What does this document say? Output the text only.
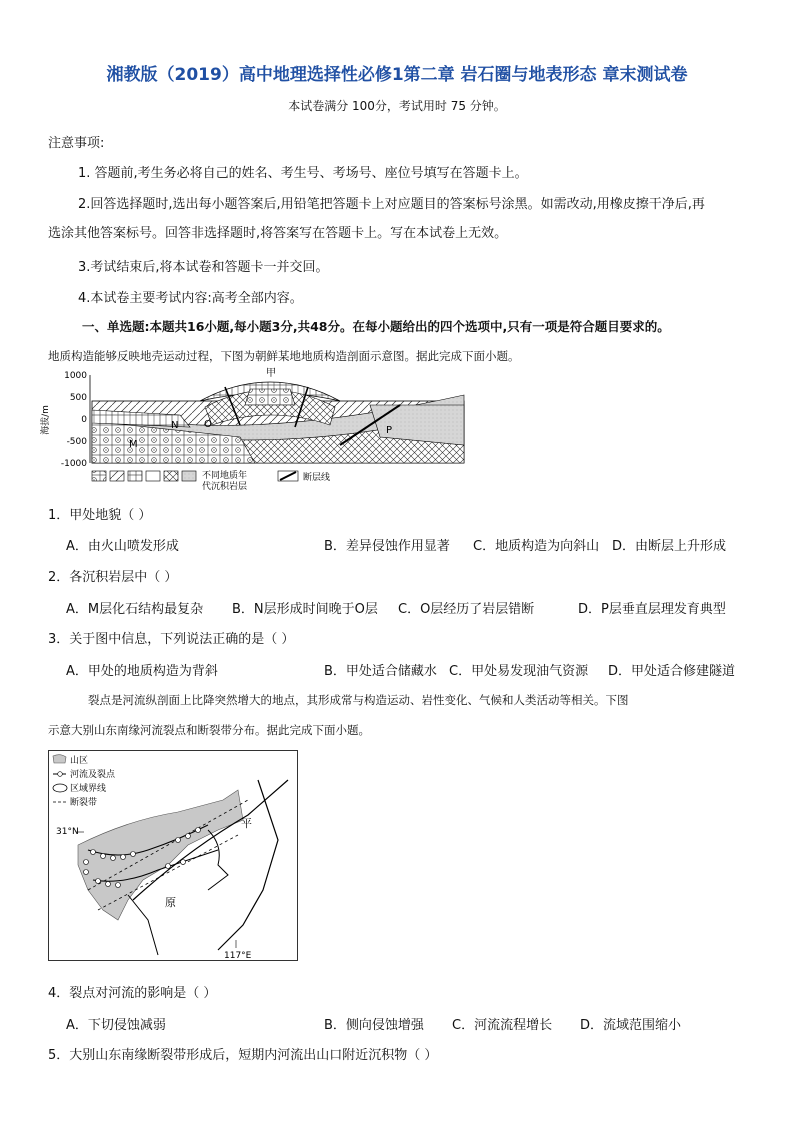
湘教版（2019）高中地理选择性必修1第二章 岩石圈与地表形态 章末测试卷
本试卷满分 100分，考试用时 75 分钟。
注意事项:
1. 答题前,考生务必将自己的姓名、考生号、考场号、座位号填写在答题卡上。
2.回答选择题时,选出每小题答案后,用铅笔把答题卡上对应题目的答案标号涂黑。如需改动,用橡皮擦干净后,再
选涂其他答案标号。回答非选择题时,将答案写在答题卡上。写在本试卷上无效。
3.考试结束后,将本试卷和答题卡一并交回。
4.本试卷主要考试内容:高考全部内容。
一、单选题:本题共16小题,每小题3分,共48分。在每小题给出的四个选项中,只有一项是符合题目要求的。
地质构造能够反映地壳运动过程，下图为朝鲜某地地质构造剖面示意图。据此完成下面小题。
1000
500
0
-500
-1000
海拔/m
甲
N	O
M
P
不同地质年
代沉积岩层
断层线
1．甲处地貌（ ）
A．由火山喷发形成	B．差异侵蚀作用显著 C．地质构造为向斜山 D．由断层上升形成
2．各沉积岩层中（ ）
A．M层化石结构最复杂 B．N层形成时间晚于O层 C．O层经历了岩层错断	D．P层垂直层理发育典型
3．关于图中信息，下列说法正确的是（ ）
A．甲处的地质构造为背斜	B．甲处适合储藏水 C．甲处易发现油气资源 D．甲处适合修建隧道
裂点是河流纵剖面上比降突然增大的地点，其形成常与构造运动、岩性变化、气候和人类活动等相关。下图
示意大别山东南缘河流裂点和断裂带分布。据此完成下面小题。
山区
河流及裂点
区域界线
断裂带
31°N
平
原
117°E
4．裂点对河流的影响是（ ）
A．下切侵蚀减弱	B．侧向侵蚀增强 C．河流流程增长 D．流域范围缩小
5．大别山东南缘断裂带形成后，短期内河流出山口附近沉积物（ ）
